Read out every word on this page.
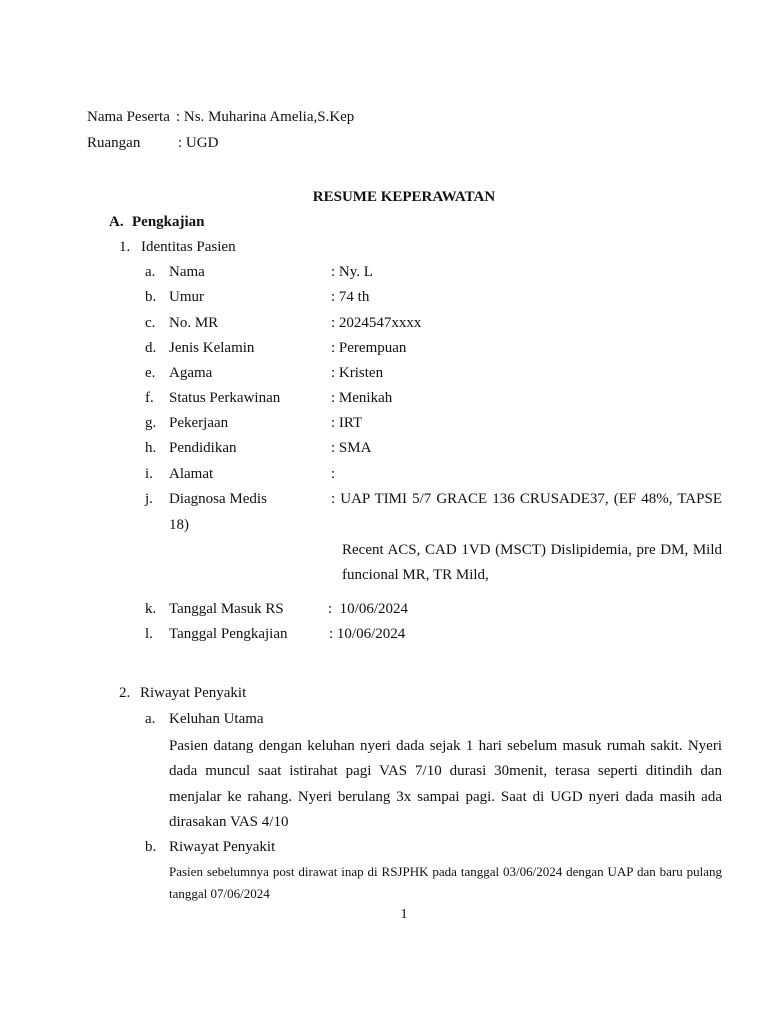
Nama Peserta : Ns. Muharina Amelia,S.Kep
Ruangan	: UGD
RESUME KEPERAWATAN
A. Pengkajian
1. Identitas Pasien
a. Nama	: Ny. L
b. Umur	: 74 th
c. No. MR	: 2024547xxxx
d. Jenis Kelamin	: Perempuan
e. Agama	: Kristen
f. Status Perkawinan	: Menikah
g. Pekerjaan	: IRT
h. Pendidikan	: SMA
i. Alamat	:
j. Diagnosa Medis	: UAP TIMI 5/7 GRACE 136 CRUSADE37, (EF 48%, TAPSE
18)
Recent ACS, CAD 1VD (MSCT) Dislipidemia, pre DM, Mild funcional MR, TR Mild,
k. Tanggal Masuk RS	:  10/06/2024
l. Tanggal Pengkajian	: 10/06/2024
2. Riwayat Penyakit
a. Keluhan Utama
Pasien datang dengan keluhan nyeri dada sejak 1 hari sebelum masuk rumah sakit. Nyeri dada muncul saat istirahat pagi VAS 7/10 durasi 30menit, terasa seperti ditindih dan menjalar ke rahang. Nyeri berulang 3x sampai pagi. Saat di UGD nyeri dada masih ada dirasakan VAS 4/10
b. Riwayat Penyakit
Pasien sebelumnya post dirawat inap di RSJPHK pada tanggal 03/06/2024 dengan UAP dan baru pulang tanggal 07/06/2024
1
